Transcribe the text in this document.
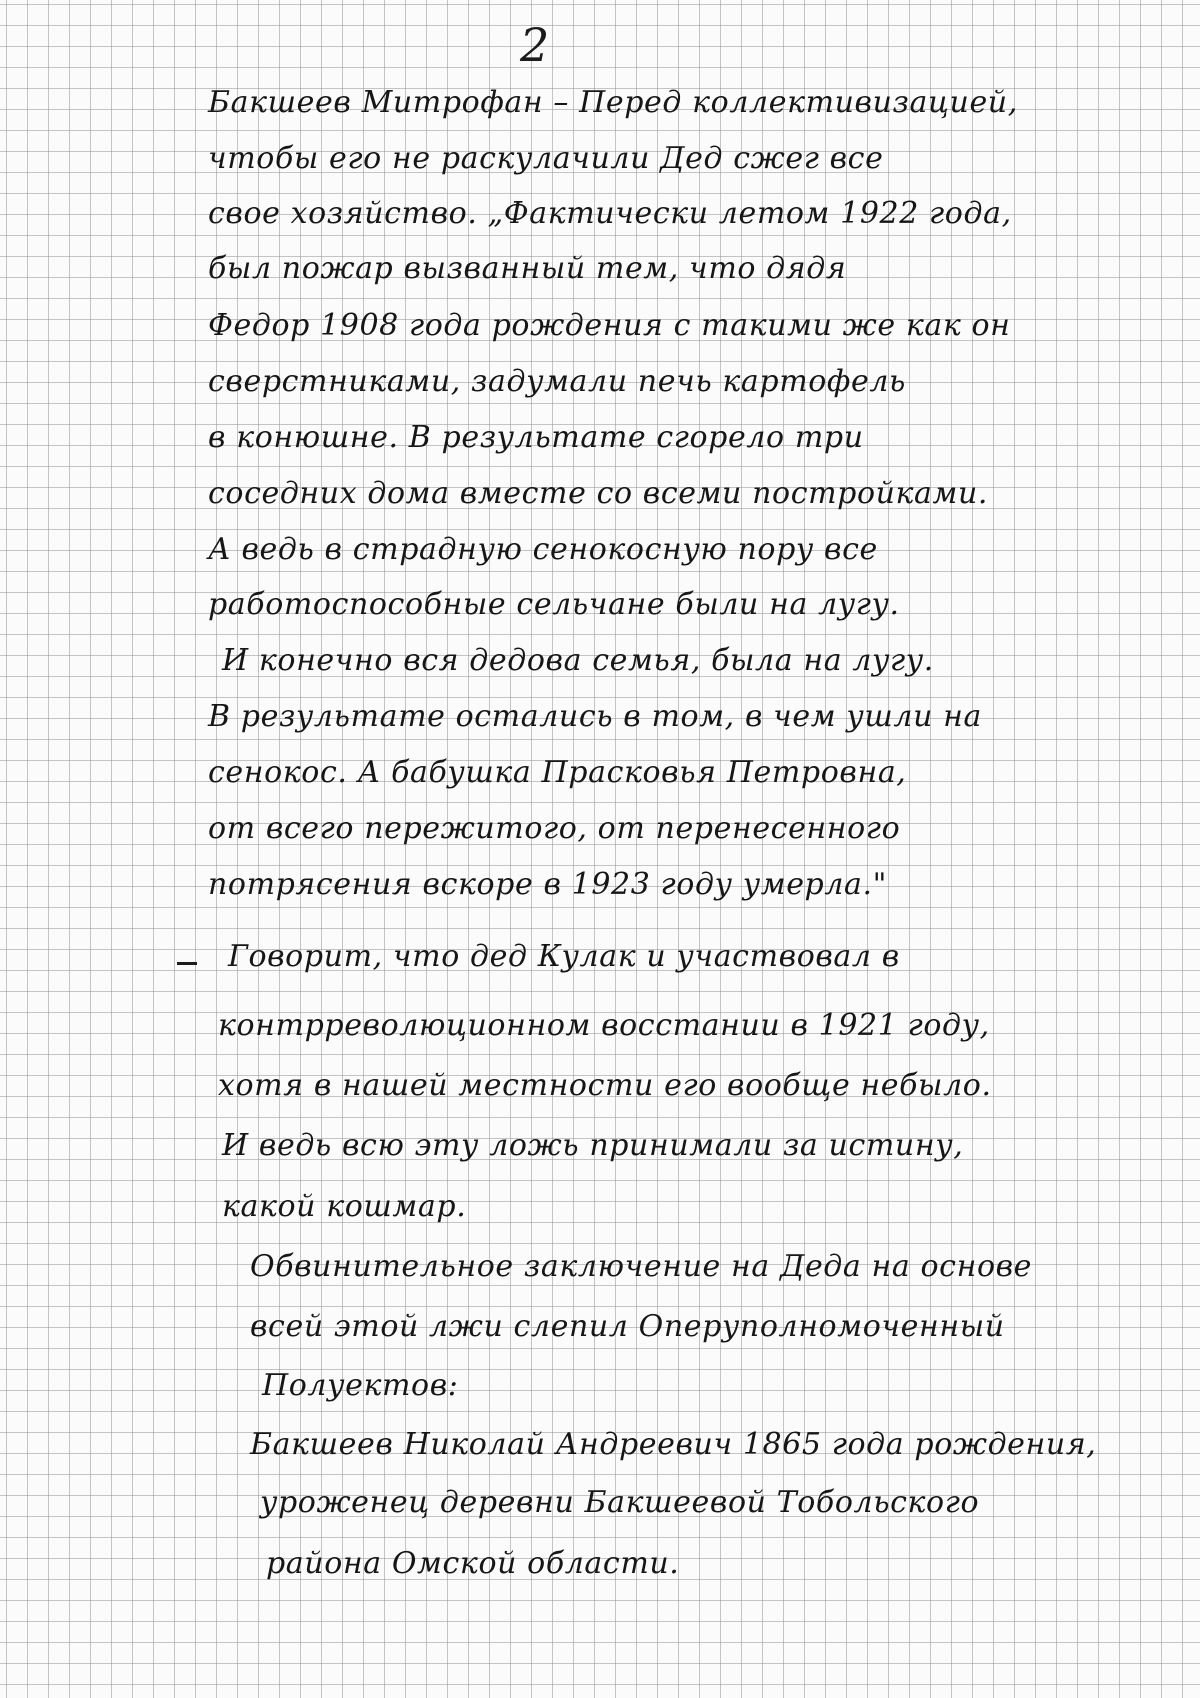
2
Бакшеев Митрофан – Перед коллективизацией,
чтобы его не раскулачили Дед сжег все
свое хозяйство. „Фактически летом 1922 года,
был пожар вызванный тем, что дядя
Федор 1908 года рождения с такими же как он
сверстниками, задумали печь картофель
в конюшне. В результате сгорело три
соседних дома вместе со всеми постройками.
А ведь в страдную сенокосную пору все
работоспособные сельчане были на лугу.
И конечно вся дедова семья, была на лугу.
В результате остались в том, в чем ушли на
сенокос. А бабушка Прасковья Петровна,
от всего пережитого, от перенесенного
потрясения вскоре в 1923 году умерла."
Говорит, что дед Кулак и участвовал в
контрреволюционном восстании в 1921 году,
хотя в нашей местности его вообще небыло.
И ведь всю эту ложь принимали за истину,
какой кошмар.
Обвинительное заключение на Деда на основе
всей этой лжи слепил Оперуполномоченный
Полуектов:
Бакшеев Николай Андреевич 1865 года рождения,
уроженец деревни Бакшеевой Тобольского
района Омской области.
